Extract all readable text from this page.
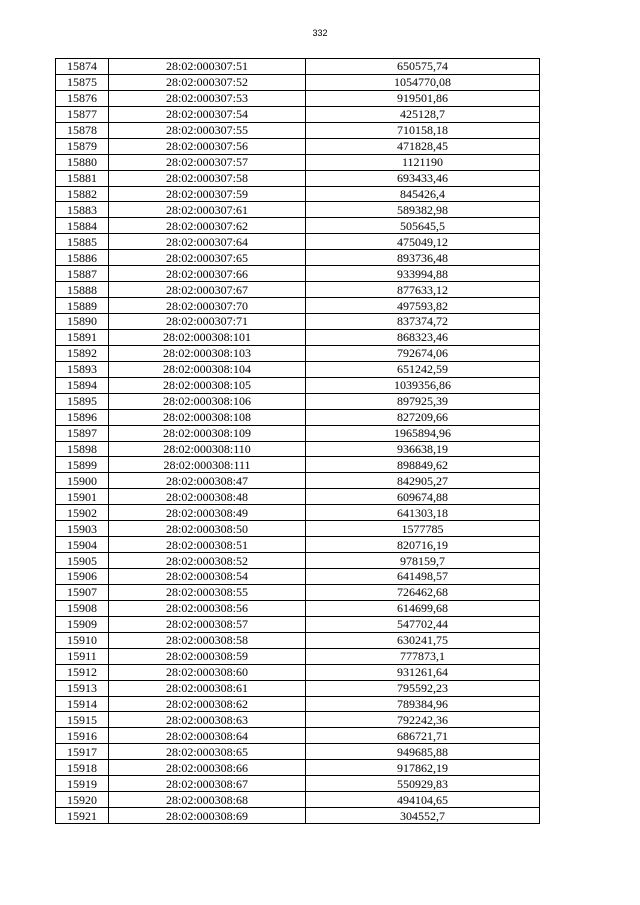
332
15874	28:02:000307:51	650575,74
15875	28:02:000307:52	1054770,08
15876	28:02:000307:53	919501,86
15877	28:02:000307:54	425128,7
15878	28:02:000307:55	710158,18
15879	28:02:000307:56	471828,45
15880	28:02:000307:57	1121190
15881	28:02:000307:58	693433,46
15882	28:02:000307:59	845426,4
15883	28:02:000307:61	589382,98
15884	28:02:000307:62	505645,5
15885	28:02:000307:64	475049,12
15886	28:02:000307:65	893736,48
15887	28:02:000307:66	933994,88
15888	28:02:000307:67	877633,12
15889	28:02:000307:70	497593,82
15890	28:02:000307:71	837374,72
15891	28:02:000308:101	868323,46
15892	28:02:000308:103	792674,06
15893	28:02:000308:104	651242,59
15894	28:02:000308:105	1039356,86
15895	28:02:000308:106	897925,39
15896	28:02:000308:108	827209,66
15897	28:02:000308:109	1965894,96
15898	28:02:000308:110	936638,19
15899	28:02:000308:111	898849,62
15900	28:02:000308:47	842905,27
15901	28:02:000308:48	609674,88
15902	28:02:000308:49	641303,18
15903	28:02:000308:50	1577785
15904	28:02:000308:51	820716,19
15905	28:02:000308:52	978159,7
15906	28:02:000308:54	641498,57
15907	28:02:000308:55	726462,68
15908	28:02:000308:56	614699,68
15909	28:02:000308:57	547702,44
15910	28:02:000308:58	630241,75
15911	28:02:000308:59	777873,1
15912	28:02:000308:60	931261,64
15913	28:02:000308:61	795592,23
15914	28:02:000308:62	789384,96
15915	28:02:000308:63	792242,36
15916	28:02:000308:64	686721,71
15917	28:02:000308:65	949685,88
15918	28:02:000308:66	917862,19
15919	28:02:000308:67	550929,83
15920	28:02:000308:68	494104,65
15921	28:02:000308:69	304552,7
